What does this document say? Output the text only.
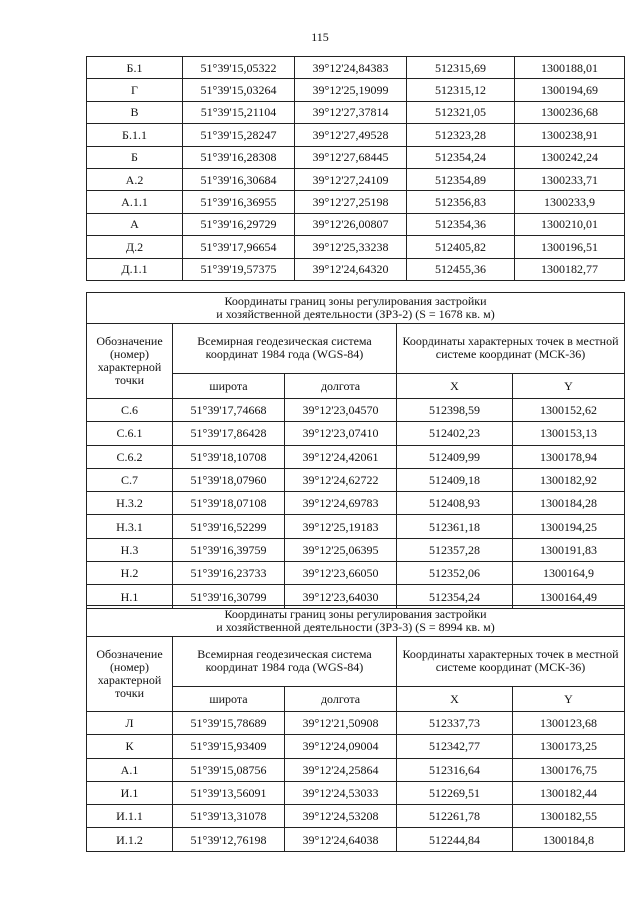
115
Б.1	51°39'15,05322	39°12'24,84383	512315,69	1300188,01
Г	51°39'15,03264	39°12'25,19099	512315,12	1300194,69
В	51°39'15,21104	39°12'27,37814	512321,05	1300236,68
Б.1.1	51°39'15,28247	39°12'27,49528	512323,28	1300238,91
Б	51°39'16,28308	39°12'27,68445	512354,24	1300242,24
А.2	51°39'16,30684	39°12'27,24109	512354,89	1300233,71
А.1.1	51°39'16,36955	39°12'27,25198	512356,83	1300233,9
А	51°39'16,29729	39°12'26,00807	512354,36	1300210,01
Д.2	51°39'17,96654	39°12'25,33238	512405,82	1300196,51
Д.1.1	51°39'19,57375	39°12'24,64320	512455,36	1300182,77
Координаты границ зоны регулирования застройки
и хозяйственной деятельности (ЗРЗ-2) (S = 1678 кв. м)				
Обозначение (номер) характерной точки	Всемирная геодезическая система координат 1984 года (WGS-84)		Координаты характерных точек в местной системе координат (МСК-36)	
	широта	долгота	X	Y
С.6	51°39'17,74668	39°12'23,04570	512398,59	1300152,62
С.6.1	51°39'17,86428	39°12'23,07410	512402,23	1300153,13
С.6.2	51°39'18,10708	39°12'24,42061	512409,99	1300178,94
С.7	51°39'18,07960	39°12'24,62722	512409,18	1300182,92
Н.3.2	51°39'18,07108	39°12'24,69783	512408,93	1300184,28
Н.3.1	51°39'16,52299	39°12'25,19183	512361,18	1300194,25
Н.3	51°39'16,39759	39°12'25,06395	512357,28	1300191,83
Н.2	51°39'16,23733	39°12'23,66050	512352,06	1300164,9
Н.1	51°39'16,30799	39°12'23,64030	512354,24	1300164,49
Координаты границ зоны регулирования застройки
и хозяйственной деятельности (ЗРЗ-3) (S = 8994 кв. м)				
Обозначение (номер) характерной точки	Всемирная геодезическая система координат 1984 года (WGS-84)		Координаты характерных точек в местной системе координат (МСК-36)	
	широта	долгота	X	Y
Л	51°39'15,78689	39°12'21,50908	512337,73	1300123,68
К	51°39'15,93409	39°12'24,09004	512342,77	1300173,25
А.1	51°39'15,08756	39°12'24,25864	512316,64	1300176,75
И.1	51°39'13,56091	39°12'24,53033	512269,51	1300182,44
И.1.1	51°39'13,31078	39°12'24,53208	512261,78	1300182,55
И.1.2	51°39'12,76198	39°12'24,64038	512244,84	1300184,8
